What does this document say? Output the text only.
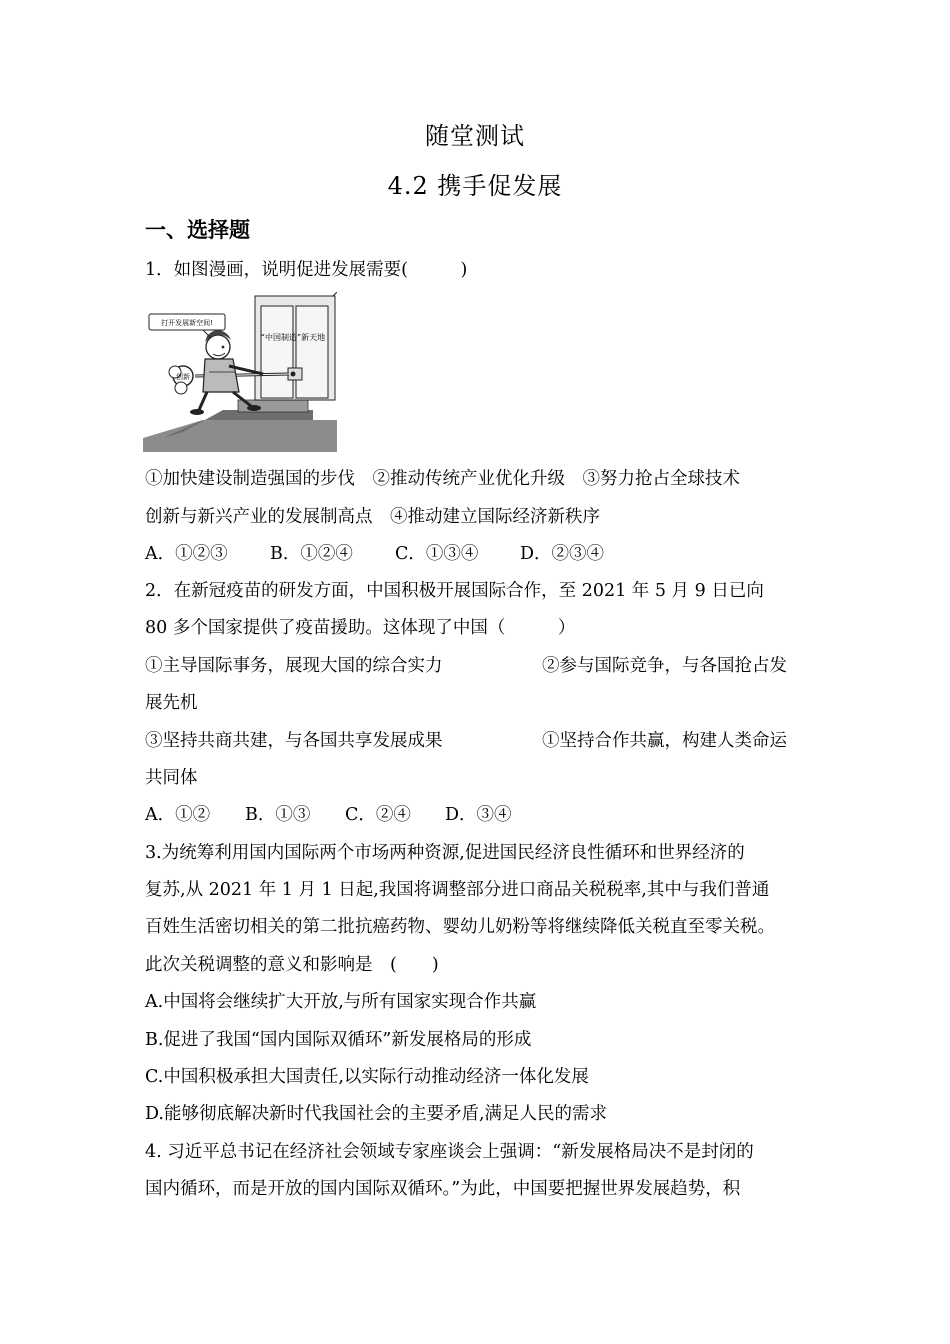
随堂测试
4.2 携手促发展
一、选择题
1．如图漫画，说明促进发展需要(　　　)
“中国制造”新天地
创新
打开发展新空间!
①加快建设制造强国的步伐　②推动传统产业优化升级　③努力抢占全球技术
创新与新兴产业的发展制高点　④推动建立国际经济新秩序
A．①②③ B．①②④ C．①③④ D．②③④
2．在新冠疫苗的研发方面，中国积极开展国际合作，至 2021 年 5 月 9 日已向
80 多个国家提供了疫苗援助。这体现了中国（　　　）
①主导国际事务，展现大国的综合实力	②参与国际竞争，与各国抢占发
展先机
③坚持共商共建，与各国共享发展成果	①坚持合作共赢，构建人类命运
共同体
A．①② B．①③ C．②④ D．③④
3.为统筹利用国内国际两个市场两种资源,促进国民经济良性循环和世界经济的
复苏,从 2021 年 1 月 1 日起,我国将调整部分进口商品关税税率,其中与我们普通
百姓生活密切相关的第二批抗癌药物、婴幼儿奶粉等将继续降低关税直至零关税。
此次关税调整的意义和影响是　(　　)
A.中国将会继续扩大开放,与所有国家实现合作共赢
B.促进了我国“国内国际双循环”新发展格局的形成
C.中国积极承担大国责任,以实际行动推动经济一体化发展
D.能够彻底解决新时代我国社会的主要矛盾,满足人民的需求
4. 习近平总书记在经济社会领域专家座谈会上强调：“新发展格局决不是封闭的
国内循环，而是开放的国内国际双循环。”为此，中国要把握世界发展趋势，积
